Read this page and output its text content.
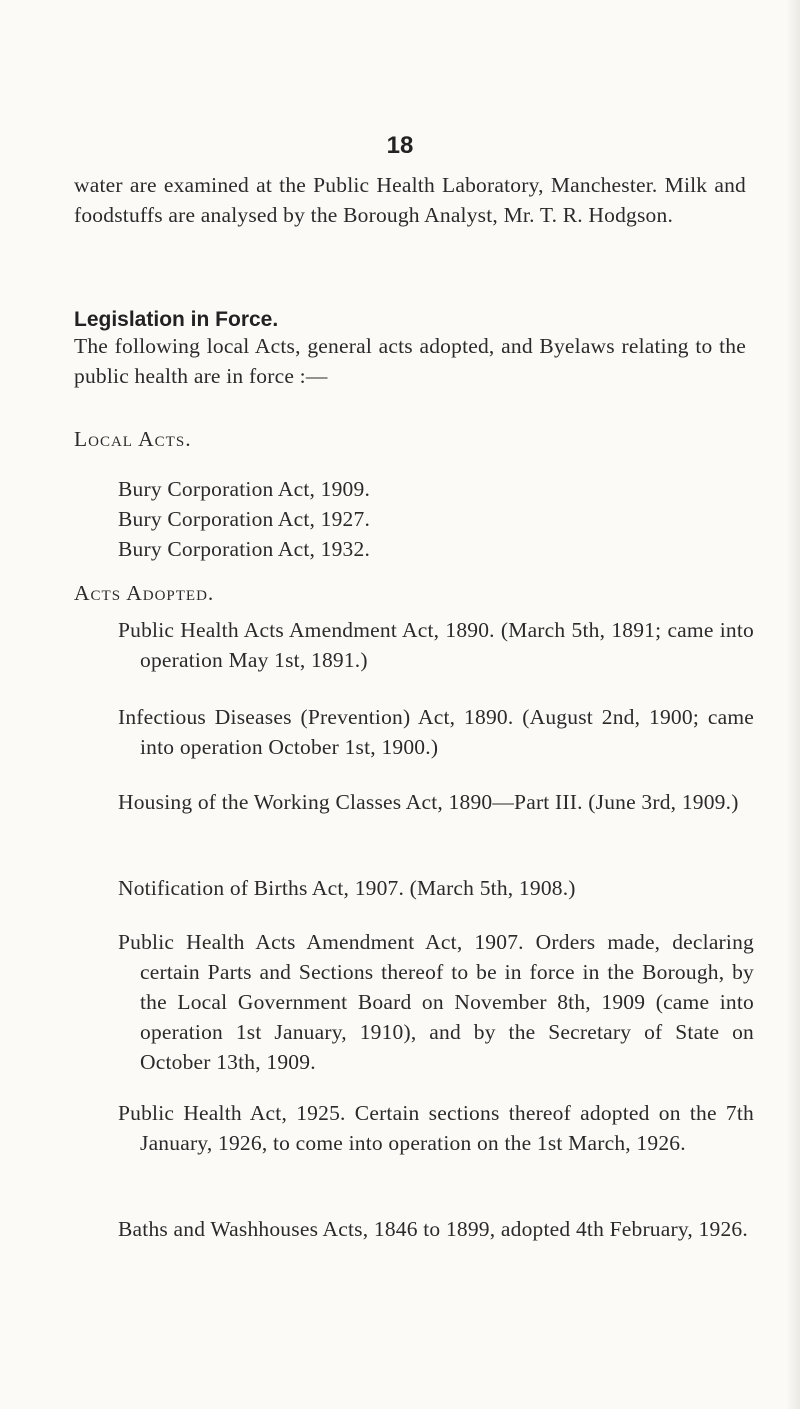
18

water are examined at the Public Health Laboratory, Manchester. Milk and foodstuffs are analysed by the Borough Analyst, Mr. T. R. Hodgson.

Legislation in Force.

The following local Acts, general acts adopted, and Byelaws relating to the public health are in force :—

Local Acts.
Bury Corporation Act, 1909.
Bury Corporation Act, 1927.
Bury Corporation Act, 1932.
Acts Adopted.

Public Health Acts Amendment Act, 1890. (March 5th, 1891; came into operation May 1st, 1891.)

Infectious Diseases (Prevention) Act, 1890. (August 2nd, 1900; came into operation October 1st, 1900.)

Housing of the Working Classes Act, 1890—Part III. (June 3rd, 1909.)

Notification of Births Act, 1907. (March 5th, 1908.)

Public Health Acts Amendment Act, 1907. Orders made, declaring certain Parts and Sections thereof to be in force in the Borough, by the Local Government Board on November 8th, 1909 (came into operation 1st January, 1910), and by the Secretary of State on October 13th, 1909.

Public Health Act, 1925. Certain sections thereof adopted on the 7th January, 1926, to come into operation on the 1st March, 1926.

Baths and Washhouses Acts, 1846 to 1899, adopted 4th February, 1926.
